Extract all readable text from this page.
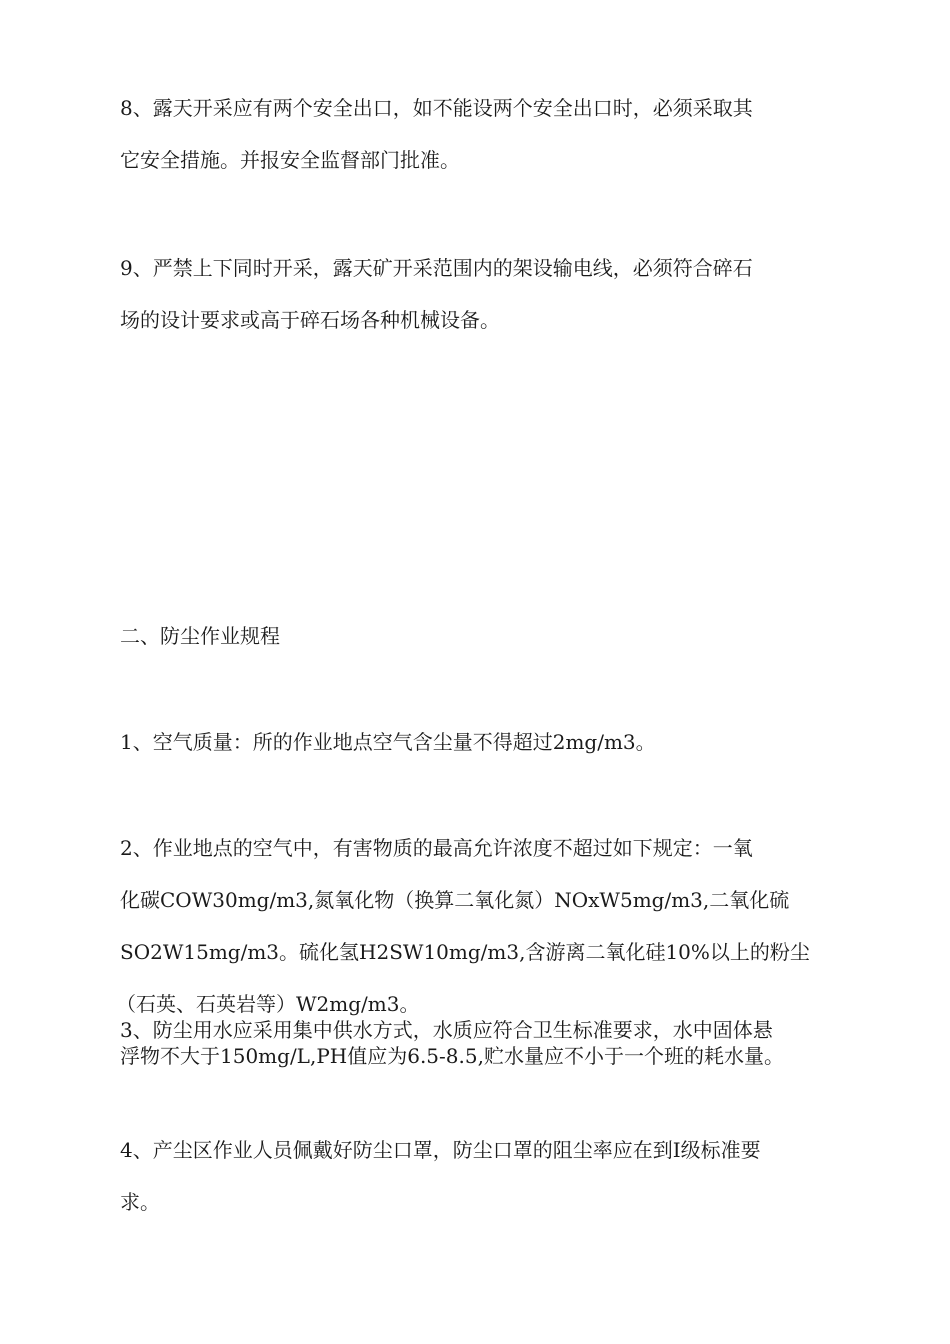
8、露天开采应有两个安全出口，如不能设两个安全出口时，必须采取其
它安全措施。并报安全监督部门批准。
9、严禁上下同时开采，露天矿开采范围内的架设输电线，必须符合碎石
场的设计要求或高于碎石场各种机械设备。
二、防尘作业规程
1、空气质量：所的作业地点空气含尘量不得超过2mg/m3。
2、作业地点的空气中，有害物质的最高允许浓度不超过如下规定：一氧
化碳COW30mg/m3,氮氧化物（换算二氧化氮）NOxW5mg/m3,二氧化硫
SO2W15mg/m3。硫化氢H2SW10mg/m3,含游离二氧化硅10%以上的粉尘
（石英、石英岩等）W2mg/m3。
3、防尘用水应采用集中供水方式，水质应符合卫生标准要求，水中固体悬
浮物不大于150mg/L,PH值应为6.5-8.5,贮水量应不小于一个班的耗水量。
4、产尘区作业人员佩戴好防尘口罩，防尘口罩的阻尘率应在到Ⅰ级标准要
求。
